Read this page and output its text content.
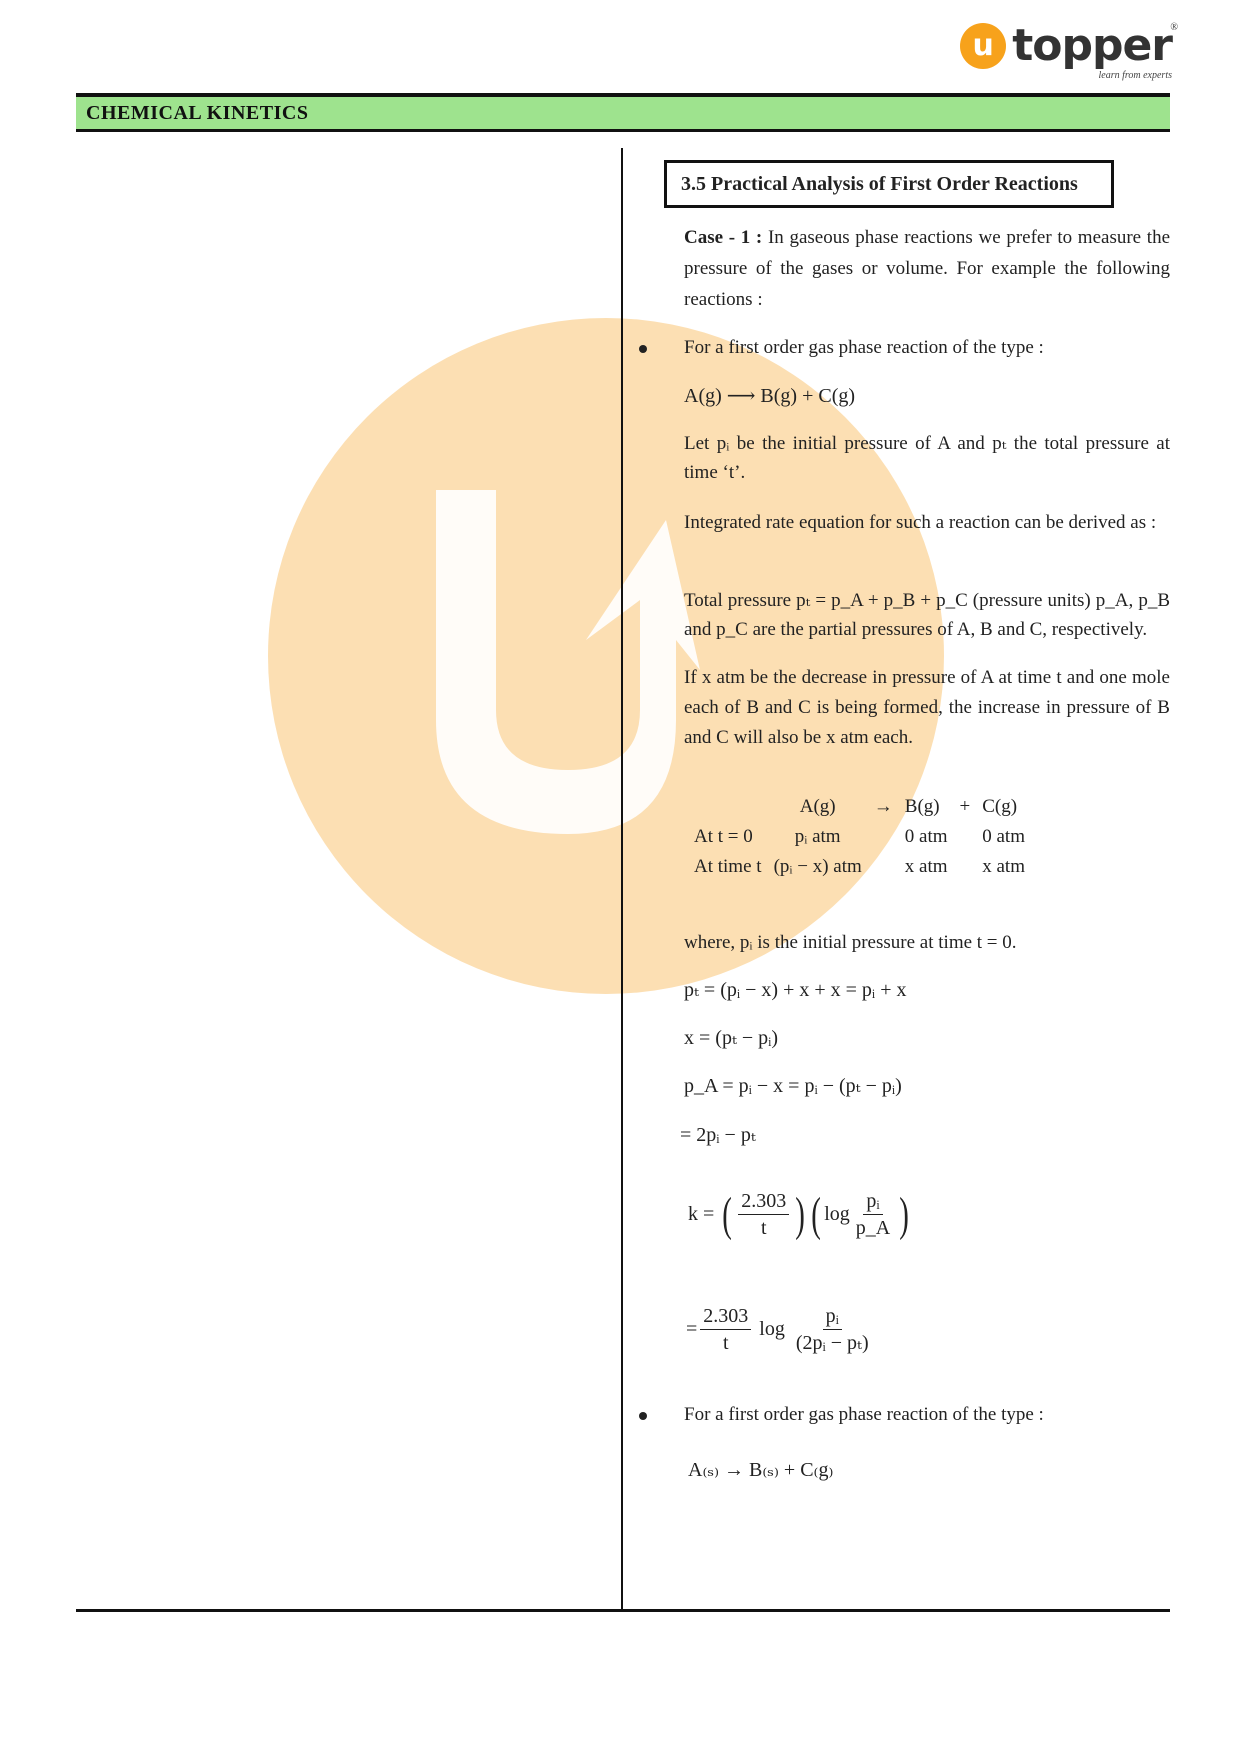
u topper
learn from experts
®
CHEMICAL KINETICS
3.5 Practical Analysis of First Order Reactions
Case - 1 : In gaseous phase reactions we prefer to measure the pressure of the gases or volume. For example the following reactions :
For a first order gas phase reaction of the type :
A(g) ⟶ B(g) + C(g)
Let pᵢ be the initial pressure of A and pₜ the total pressure at time ‘t’.
Integrated rate equation for such a reaction can be derived as :
Total pressure pₜ = p_A + p_B + p_C (pressure units) p_A, p_B and p_C are the partial pressures of A, B and C, respectively.
If x atm be the decrease in pressure of A at time t and one mole each of B and C is being formed, the increase in pressure of B and C will also be x atm each.
	A(g)	→	B(g)	+	C(g)
At t = 0	pᵢ atm		0 atm		0 atm
At time t	(pᵢ − x) atm		x atm		x atm
where, pᵢ is the initial pressure at time t = 0.
pₜ = (pᵢ − x) + x + x = pᵢ + x
x = (pₜ − pᵢ)
p_A = pᵢ − x = pᵢ − (pₜ − pᵢ)
= 2pᵢ − pₜ
k =
( $\frac{2.303}{t}$ ) ( $\log \frac{\text{pᵢ}}{p\_A}$ )
= $\frac{2.303}{t}$
log
$\frac{\text{pᵢ}}{\text{(2pᵢ − pₜ)}}$
For a first order gas phase reaction of the type :
A₍ₛ₎ → B₍ₛ₎ + C₍g₎
